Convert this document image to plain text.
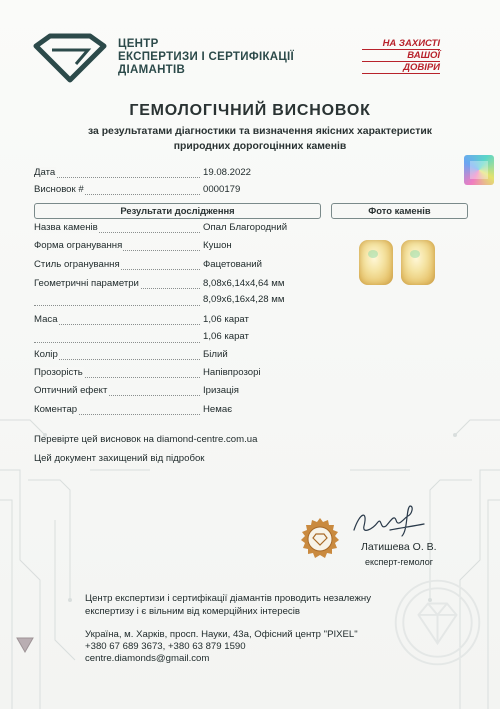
ЦЕНТР
ЕКСПЕРТИЗИ І СЕРТИФІКАЦІЇ
ДІАМАНТІВ
НА ЗАХИСТІ
ВАШОЇ
ДОВІРИ
ГЕМОЛОГІЧНИЙ ВИСНОВОК
за результатами діагностики та визначення якісних характеристик
природних дорогоцінних каменів
Дата	19.08.2022
Висновок #	0000179
Результати дослідження	Фото каменів
Назва каменів	Опал Благородний
Форма огранування	Кушон
Стиль огранування	Фацетований
Геометричні параметри	8,08х6,14х4,64 мм
8,09х6,16х4,28 мм
Маса	1,06 карат
1,06 карат
Колір	Білий
Прозорість	Напівпрозорі
Оптичний ефект	Іризація
Коментар	Немає
Перевірте цей висновок на diamond-centre.com.ua
Цей документ захищений від підробок
Латишева О. В.
експерт-гемолог
Центр експертизи і сертифікації діамантів проводить незалежну
експертизу і є вільним від комерційних інтересів
Україна, м. Харків, просп. Науки, 43а, Офісний центр "PIXEL"
+380 67 689 3673, +380 63 879 1590
centre.diamonds@gmail.com
